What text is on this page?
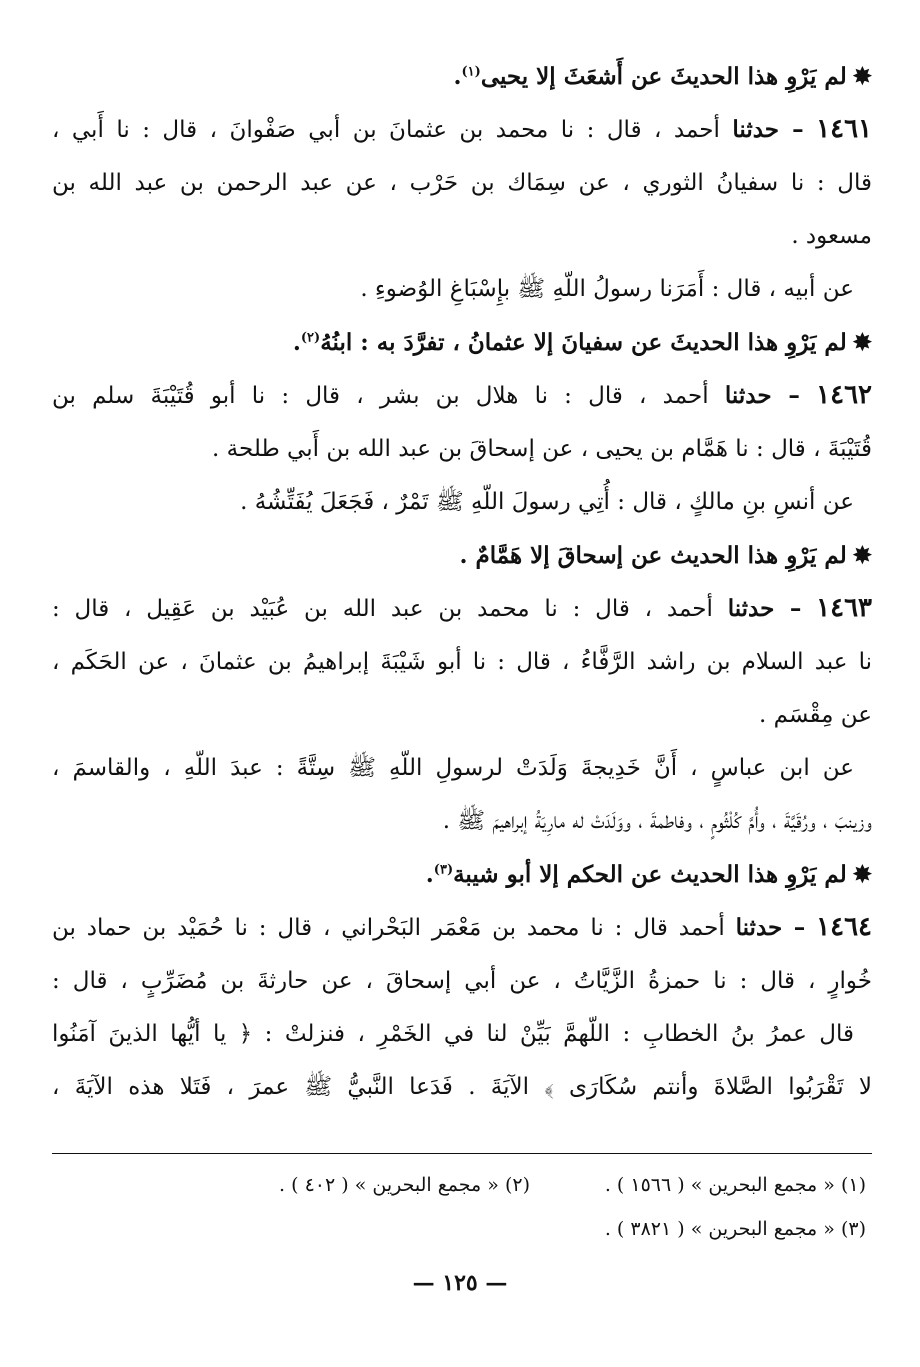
✸لم يَرْوِ هذا الحديثَ عن أَشعَثَ إلا يحيى$^{(١)}$.
١٤٦١ – حدثنا أحمد ، قال : نا محمد بن عثمانَ بن أبي صَفْوانَ ، قال : نا أَبي ،
قال : نا سفيانُ الثوري ، عن سِمَاك بن حَرْب ، عن عبد الرحمن بن عبد الله بن
مسعود .
عن أبيه ، قال : أَمَرَنا رسولُ اللّهِ ﷺ بإِسْبَاغِ الوُضوءِ .
✸لم يَرْوِ هذا الحديثَ عن سفيانَ إلا عثمانُ ، تفرَّدَ به : ابنُهُ$^{(٢)}$.
١٤٦٢ – حدثنا أحمد ، قال : نا هلال بن بشر ، قال : نا أبو قُتَيْبَةَ سلم بن
قُتَيْبَةَ ، قال : نا هَمَّام بن يحيى ، عن إسحاقَ بن عبد الله بن أَبي طلحة .
عن أنسِ بنِ مالكٍ ، قال : أُتِي رسولَ اللّهِ ﷺ تَمْرٌ ، فَجَعَلَ يُفَتِّشُهُ .
✸لم يَرْوِ هذا الحديث عن إسحاقَ إلا هَمَّامٌ .
١٤٦٣ – حدثنا أحمد ، قال : نا محمد بن عبد الله بن عُبَيْد بن عَقِيل ، قال :
نا عبد السلام بن راشد الرَّفَّاءُ ، قال : نا أبو شَيْبَةَ إبراهيمُ بن عثمانَ ، عن الحَكَم ،
عن مِقْسَم .
عن ابن عباسٍ ، أَنَّ خَدِيجةَ وَلَدَتْ لرسولِ اللّهِ ﷺ سِتَّةً : عبدَ اللّهِ ، والقاسمَ ،
وزينبَ ، ورُقَيَّةَ ، وأُمَّ كُلْثُومٍ ، وفاطمةَ ، ووَلَدَتْ له مارِيَةُ إبراهيمَ ﷺ .
✸لم يَرْوِ هذا الحديث عن الحكم إلا أبو شيبة$^{(٣)}$.
١٤٦٤ – حدثنا أحمد قال : نا محمد بن مَعْمَر البَحْراني ، قال : نا حُمَيْد بن حماد بن
خُوارٍ ، قال : نا حمزةُ الزَّيَّاتُ ، عن أبي إسحاقَ ، عن حارثةَ بن مُضَرِّبٍ ، قال :
قال عمرُ بنُ الخطابِ : اللّهمَّ بَيِّنْ لنا في الخَمْرِ ، فنزلتْ : ﴿ يا أيُّها الذينَ آمَنُوا
لا تَقْرَبُوا الصَّلاةَ وأنتم سُكَارَى ﴾ الآيَةَ . فَدَعا النَّبيُّ ﷺ عمرَ ، فَتَلا هذه الآيَةَ ،
(١) « مجمع البحرين » ( ١٥٦٦ ) .
(٢) « مجمع البحرين » ( ٤٠٢ ) .
(٣) « مجمع البحرين » ( ٣٨٢١ ) .
— ١٢٥ —
